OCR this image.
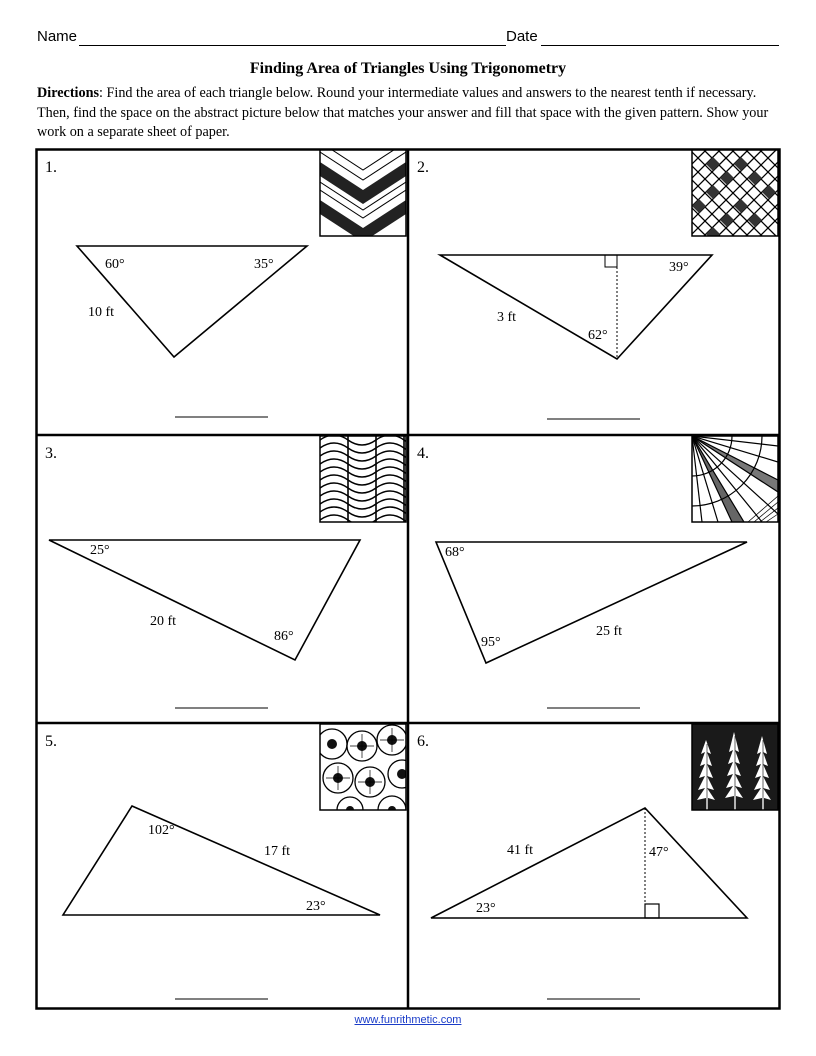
Name	Date
Finding Area of Triangles Using Trigonometry
Directions: Find the area of each triangle below. Round your intermediate values and answers to the nearest tenth if necessary. Then, find the space on the abstract picture below that matches your answer and fill that space with the given pattern. Show your work on a separate sheet of paper.
1.
60°	35°
10 ft
2.
39°
3 ft
62°
3.
25°
20 ft
86°
4.
68°
95°
25 ft
5.
102°
17 ft
23°
6.
41 ft	47°
23°
www.funrithmetic.com
